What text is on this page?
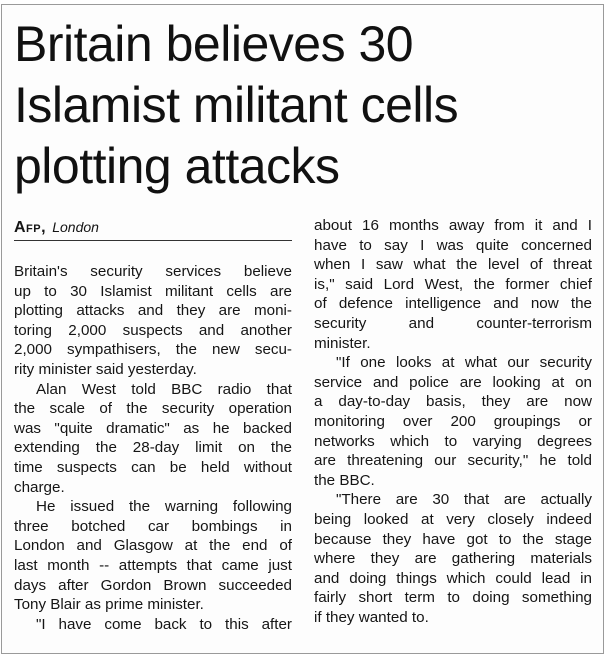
Britain believes 30
Islamist militant cells
plotting attacks
Afp, London
Britain's security services believe
up to 30 Islamist militant cells are
plotting attacks and they are moni-
toring 2,000 suspects and another
2,000 sympathisers, the new secu-
rity minister said yesterday.
Alan West told BBC radio that
the scale of the security operation
was "quite dramatic" as he backed
extending the 28-day limit on the
time suspects can be held without
charge.
He issued the warning following
three botched car bombings in
London and Glasgow at the end of
last month -- attempts that came just
days after Gordon Brown succeeded
Tony Blair as prime minister.
"I have come back to this after
about 16 months away from it and I
have to say I was quite concerned
when I saw what the level of threat
is," said Lord West, the former chief
of defence intelligence and now the
security and counter-terrorism
minister.
"If one looks at what our security
service and police are looking at on
a day-to-day basis, they are now
monitoring over 200 groupings or
networks which to varying degrees
are threatening our security," he told
the BBC.
"There are 30 that are actually
being looked at very closely indeed
because they have got to the stage
where they are gathering materials
and doing things which could lead in
fairly short term to doing something
if they wanted to.
